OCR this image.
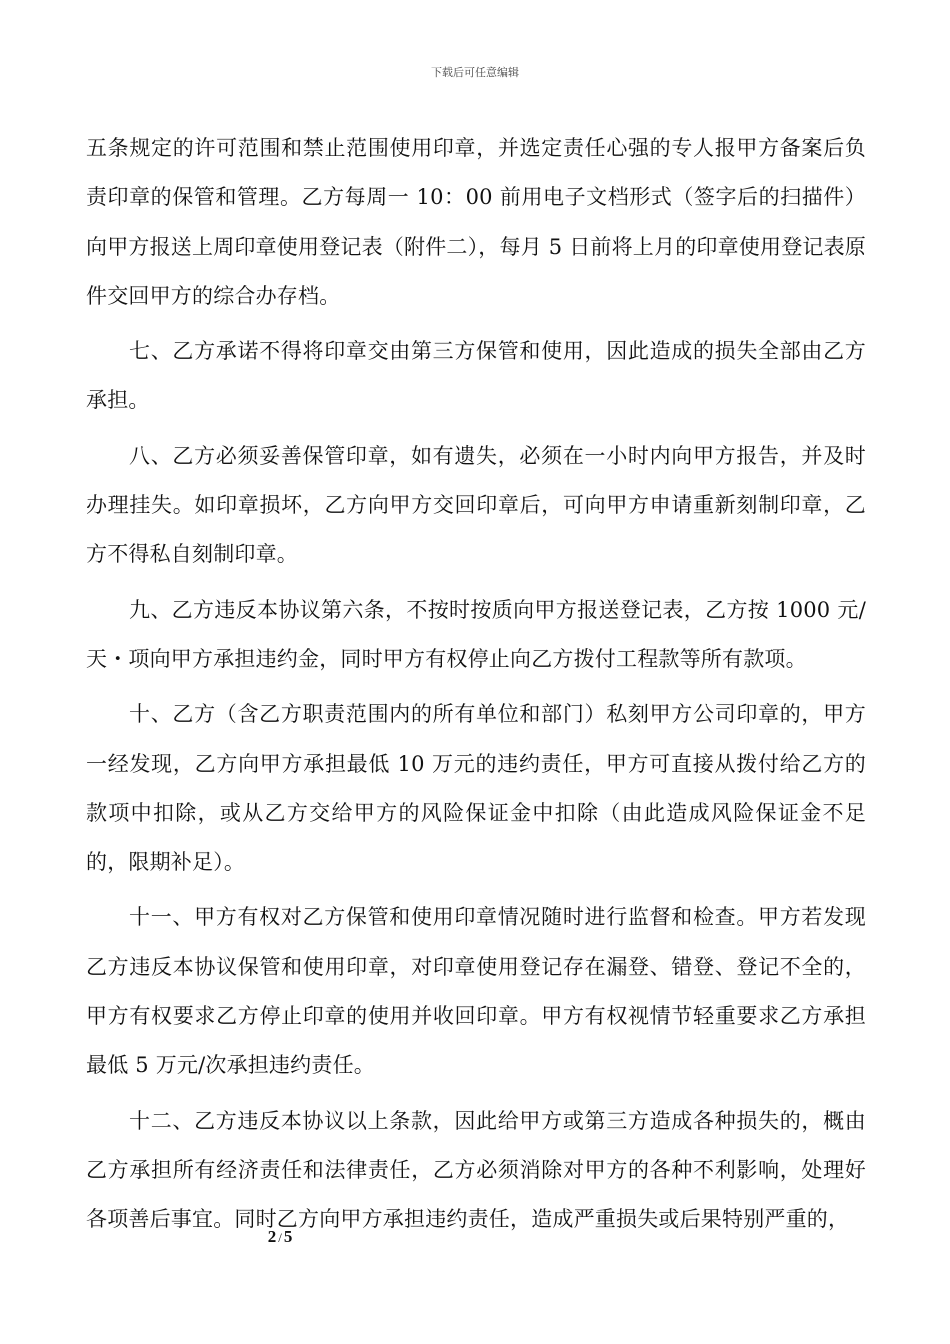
下载后可任意编辑

五条规定的许可范围和禁止范围使用印章，并选定责任心强的专人报甲方备案后负责印章的保管和管理。乙方每周一 10：00 前用电子文档形式（签字后的扫描件）向甲方报送上周印章使用登记表（附件二），每月 5 日前将上月的印章使用登记表原件交回甲方的综合办存档。

七、乙方承诺不得将印章交由第三方保管和使用，因此造成的损失全部由乙方承担。

八、乙方必须妥善保管印章，如有遗失，必须在一小时内向甲方报告，并及时办理挂失。如印章损坏，乙方向甲方交回印章后，可向甲方申请重新刻制印章，乙方不得私自刻制印章。

九、乙方违反本协议第六条，不按时按质向甲方报送登记表，乙方按 1000 元/天・项向甲方承担违约金，同时甲方有权停止向乙方拨付工程款等所有款项。

十、乙方（含乙方职责范围内的所有单位和部门）私刻甲方公司印章的，甲方一经发现，乙方向甲方承担最低 10 万元的违约责任，甲方可直接从拨付给乙方的款项中扣除，或从乙方交给甲方的风险保证金中扣除（由此造成风险保证金不足的，限期补足）。

十一、甲方有权对乙方保管和使用印章情况随时进行监督和检查。甲方若发现乙方违反本协议保管和使用印章，对印章使用登记存在漏登、错登、登记不全的，甲方有权要求乙方停止印章的使用并收回印章。甲方有权视情节轻重要求乙方承担最低 5 万元/次承担违约责任。

十二、乙方违反本协议以上条款，因此给甲方或第三方造成各种损失的，概由乙方承担所有经济责任和法律责任，乙方必须消除对甲方的各种不利影响，处理好各项善后事宜。同时乙方向甲方承担违约责任，造成严重损失或后果特别严重的，

2 / 5
